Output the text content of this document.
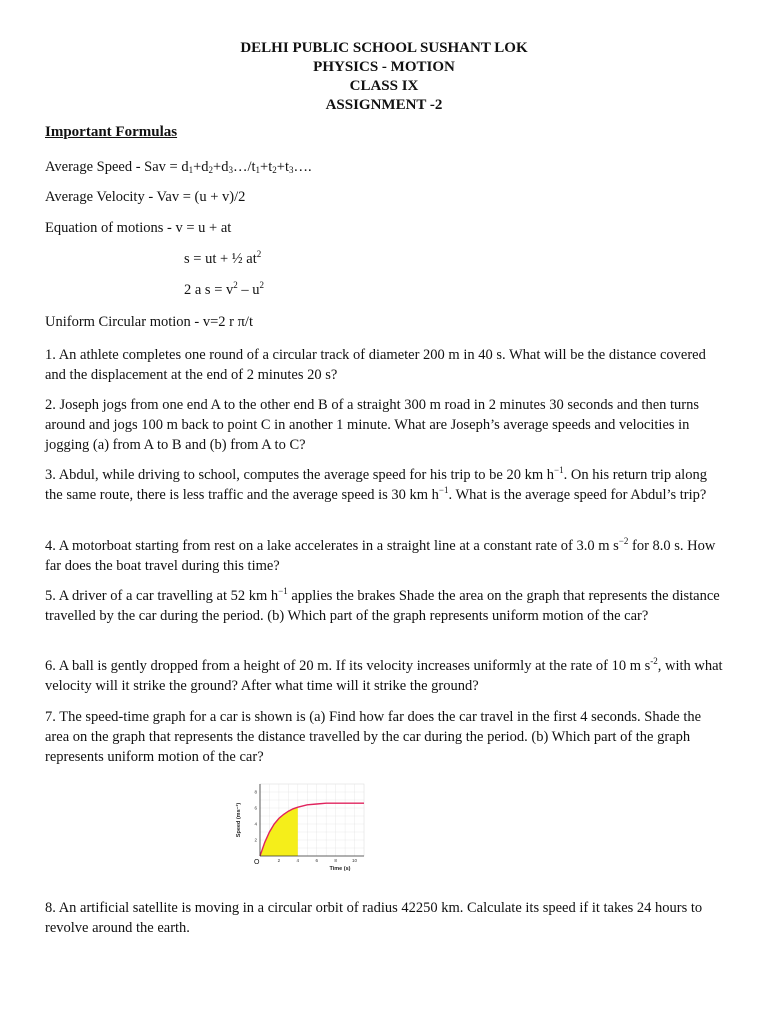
DELHI PUBLIC SCHOOL SUSHANT LOK
PHYSICS - MOTION
CLASS IX
ASSIGNMENT -2
Important Formulas
Average Speed - Sav = $d_1+d_2+d_3\dots/t_1+t_2+t_3\dots$.
Average Velocity - Vav = (u + v)/2
Equation of motions - v = u + at
s = ut + ½ $at^2$
2 a $s = v^2 - u^2$
Uniform Circular motion - v=2 r π/t
1. An athlete completes one round of a circular track of diameter 200 m in 40 s. What will be the distance covered and the displacement at the end of 2 minutes 20 s?
2. Joseph jogs from one end A to the other end B of a straight 300 m road in 2 minutes 30 seconds and then turns around and jogs 100 m back to point C in another 1 minute. What are Joseph’s average speeds and velocities in jogging (a) from A to B and (b) from A to C?
3. Abdul, while driving to school, computes the average speed for his trip to be 20 km $h^{-1}$. On his return trip along the same route, there is less traffic and the average speed is 30 km $h^{-1}$. What is the average speed for Abdul’s trip?
4. A motorboat starting from rest on a lake accelerates in a straight line at a constant rate of 3.0 m $s^{-2}$ for 8.0 s. How far does the boat travel during this time?
5. A driver of a car travelling at 52 km $h^{-1}$ applies the brakes Shade the area on the graph that represents the distance travelled by the car during the period. (b) Which part of the graph represents uniform motion of the car?
6. A ball is gently dropped from a height of 20 m. If its velocity increases uniformly at the rate of 10 m $s^{-2}$, with what velocity will it strike the ground? After what time will it strike the ground?
7. The speed-time graph for a car is shown is (a) Find how far does the car travel in the first 4 seconds. Shade the area on the graph that represents the distance travelled by the car during the period. (b) Which part of the graph represents uniform motion of the car?
2	4	6	8	10
2
4
6
8
O
Time (s)
Speed (ms⁻¹)
8. An artificial satellite is moving in a circular orbit of radius 42250 km. Calculate its speed if it takes 24 hours to revolve around the earth.
